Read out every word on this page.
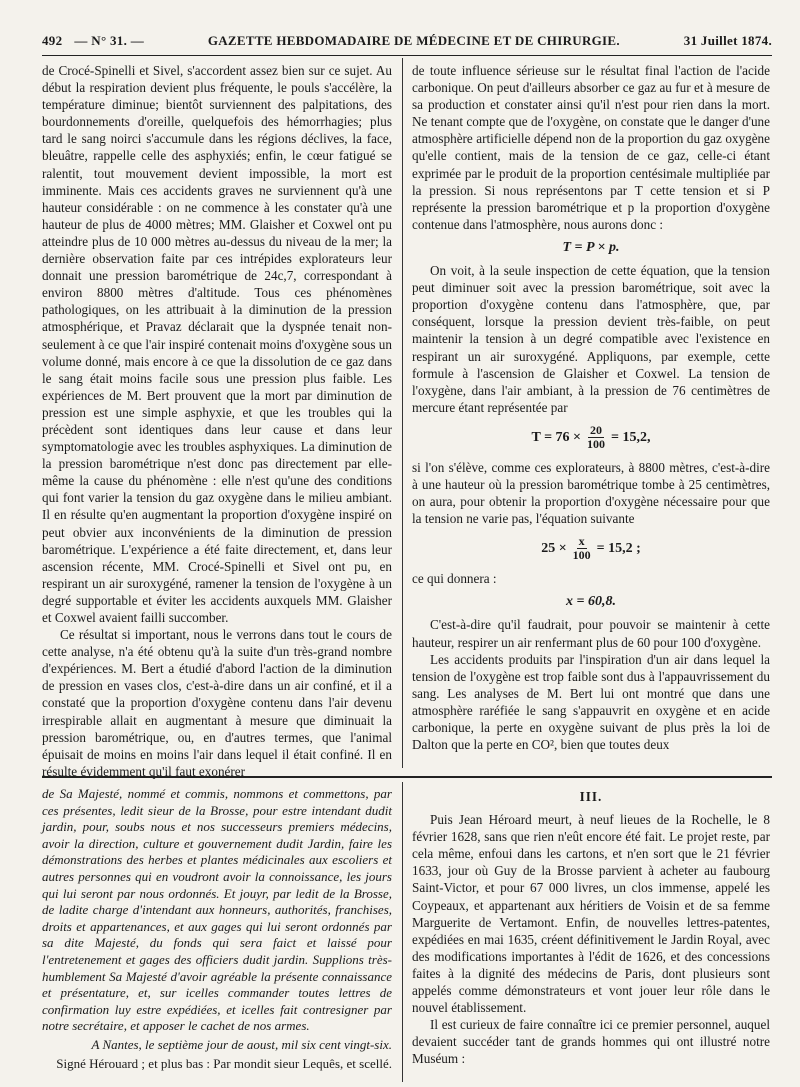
492 — N° 31. —	GAZETTE HEBDOMADAIRE DE MÉDECINE ET DE CHIRURGIE.	31 Juillet 1874.

de Crocé-Spinelli et Sivel, s'accordent assez bien sur ce sujet. Au début la respiration devient plus fréquente, le pouls s'accélère, la température diminue; bientôt surviennent des palpitations, des bourdonnements d'oreille, quelquefois des hémorrhagies; plus tard le sang noirci s'accumule dans les régions déclives, la face, bleuâtre, rappelle celle des asphyxiés; enfin, le cœur fatigué se ralentit, tout mouvement devient impossible, la mort est imminente. Mais ces accidents graves ne surviennent qu'à une hauteur considérable : on ne commence à les constater qu'à une hauteur de plus de 4000 mètres; MM. Glaisher et Coxwel ont pu atteindre plus de 10 000 mètres au-dessus du niveau de la mer; la dernière observation faite par ces intrépides explorateurs leur donnait une pression barométrique de 24c,7, correspondant à environ 8800 mètres d'altitude. Tous ces phénomènes pathologiques, on les attribuait à la diminution de la pression atmosphérique, et Pravaz déclarait que la dyspnée tenait non-seulement à ce que l'air inspiré contenait moins d'oxygène sous un volume donné, mais encore à ce que la dissolution de ce gaz dans le sang était moins facile sous une pression plus faible. Les expériences de M. Bert prouvent que la mort par diminution de pression est une simple asphyxie, et que les troubles qui la précèdent sont identiques dans leur cause et dans leur symptomatologie avec les troubles asphyxiques. La diminution de la pression barométrique n'est donc pas directement par elle-même la cause du phénomène : elle n'est qu'une des conditions qui font varier la tension du gaz oxygène dans le milieu ambiant. Il en résulte qu'en augmentant la proportion d'oxygène inspiré on peut obvier aux inconvénients de la diminution de pression barométrique. L'expérience a été faite directement, et, dans leur ascension récente, MM. Crocé-Spinelli et Sivel ont pu, en respirant un air suroxygéné, ramener la tension de l'oxygène à un degré supportable et éviter les accidents auxquels MM. Glaisher et Coxwel avaient failli succomber.

Ce résultat si important, nous le verrons dans tout le cours de cette analyse, n'a été obtenu qu'à la suite d'un très-grand nombre d'expériences. M. Bert a étudié d'abord l'action de la diminution de pression en vases clos, c'est-à-dire dans un air confiné, et il a constaté que la proportion d'oxygène contenu dans l'air devenu irrespirable allait en augmentant à mesure que diminuait la pression barométrique, ou, en d'autres termes, que l'animal épuisait de moins en moins l'air dans lequel il était confiné. Il en résulte évidemment qu'il faut exonérer

de toute influence sérieuse sur le résultat final l'action de l'acide carbonique. On peut d'ailleurs absorber ce gaz au fur et à mesure de sa production et constater ainsi qu'il n'est pour rien dans la mort. Ne tenant compte que de l'oxygène, on constate que le danger d'une atmosphère artificielle dépend non de la proportion du gaz oxygène qu'elle contient, mais de la tension de ce gaz, celle-ci étant exprimée par le produit de la proportion centésimale multipliée par la pression. Si nous représentons par T cette tension et si P représente la pression barométrique et p la proportion d'oxygène contenue dans l'atmosphère, nous aurons donc :

T = P × p.

On voit, à la seule inspection de cette équation, que la tension peut diminuer soit avec la pression barométrique, soit avec la proportion d'oxygène contenu dans l'atmosphère, que, par conséquent, lorsque la pression devient très-faible, on peut maintenir la tension à un degré compatible avec l'existence en respirant un air suroxygéné. Appliquons, par exemple, cette formule à l'ascension de Glaisher et Coxwel. La tension de l'oxygène, dans l'air ambiant, à la pression de 76 centimètres de mercure étant représentée par

$T = 76 \times \frac{20}{100} = 15,2$,

si l'on s'élève, comme ces explorateurs, à 8800 mètres, c'est-à-dire à une hauteur où la pression barométrique tombe à 25 centimètres, on aura, pour obtenir la proportion d'oxygène nécessaire pour que la tension ne varie pas, l'équation suivante

$25 \times \frac{x}{100} = 15,2$ ;

ce qui donnera :

x = 60,8.

C'est-à-dire qu'il faudrait, pour pouvoir se maintenir à cette hauteur, respirer un air renfermant plus de 60 pour 100 d'oxygène.

Les accidents produits par l'inspiration d'un air dans lequel la tension de l'oxygène est trop faible sont dus à l'appauvrissement du sang. Les analyses de M. Bert lui ont montré que dans une atmosphère raréfiée le sang s'appauvrit en oxygène et en acide carbonique, la perte en oxygène suivant de plus près la loi de Dalton que la perte en CO², bien que toutes deux

de Sa Majesté, nommé et commis, nommons et commettons, par ces présentes, ledit sieur de la Brosse, pour estre intendant dudit jardin, pour, soubs nous et nos successeurs premiers médecins, avoir la direction, culture et gouvernement dudit Jardin, faire les démonstrations des herbes et plantes médicinales aux escoliers et autres personnes qui en voudront avoir la connoissance, les jours qui lui seront par nous ordonnés. Et jouyr, par ledit de la Brosse, de ladite charge d'intendant aux honneurs, authorités, franchises, droits et appartenances, et aux gages qui lui seront ordonnés par sa dite Majesté, du fonds qui sera faict et laissé pour l'entretenement et gages des officiers dudit jardin. Supplions très-humblement Sa Majesté d'avoir agréable la présente connaissance et présentature, et, sur icelles commander toutes lettres de confirmation luy estre expédiées, et icelles fait contresigner par notre secrétaire, et apposer le cachet de nos armes.

A Nantes, le septième jour de aoust, mil six cent vingt-six.
Signé Hérouard ; et plus bas : Par mondit sieur Lequês, et scellé.
III.

Puis Jean Héroard meurt, à neuf lieues de la Rochelle, le 8 février 1628, sans que rien n'eût encore été fait. Le projet reste, par cela même, enfoui dans les cartons, et n'en sort que le 21 février 1633, jour où Guy de la Brosse parvient à acheter au faubourg Saint-Victor, et pour 67 000 livres, un clos immense, appelé les Coypeaux, et appartenant aux héritiers de Voisin et de sa femme Marguerite de Vertamont. Enfin, de nouvelles lettres-patentes, expédiées en mai 1635, créent définitivement le Jardin Royal, avec des modifications importantes à l'édit de 1626, et des concessions faites à la dignité des médecins de Paris, dont plusieurs sont appelés comme démonstrateurs et vont jouer leur rôle dans le nouvel établissement.

Il est curieux de faire connaître ici ce premier personnel, auquel devaient succéder tant de grands hommes qui ont illustré notre Muséum :
